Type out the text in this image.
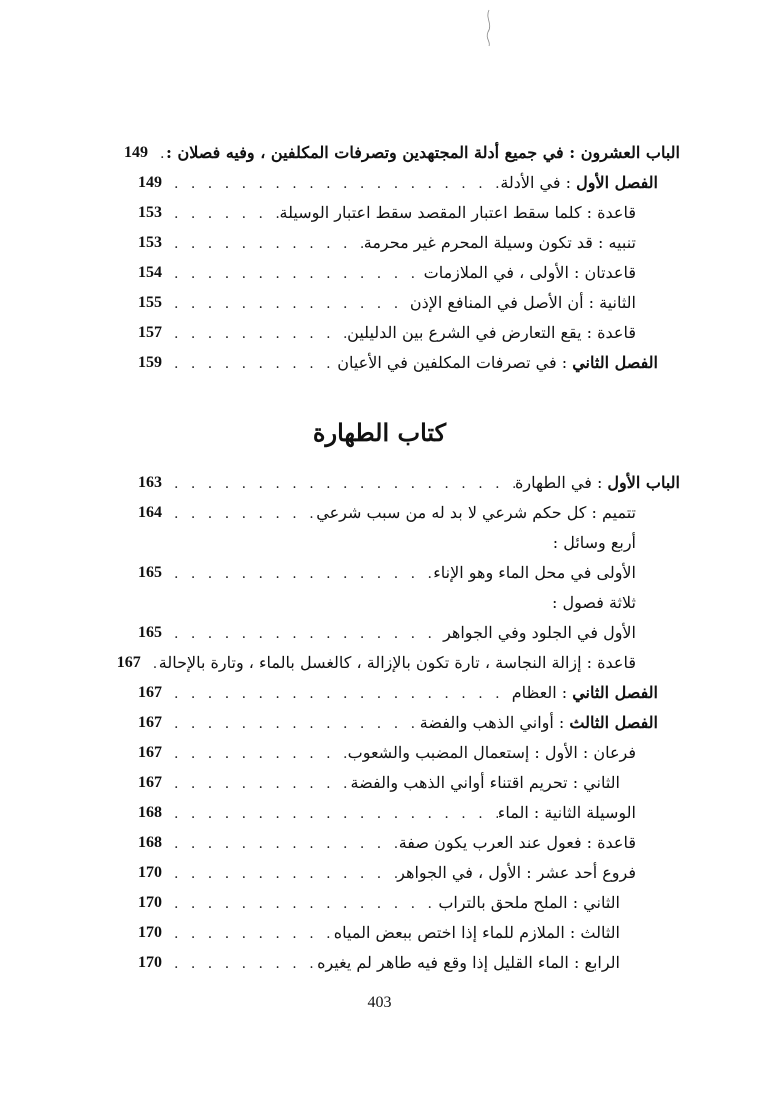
الباب العشرون : في جميع أدلة المجتهدين وتصرفات المكلفين ، وفيه فصلان :
. . .
149
الفصل الأول : في الأدلة
. . .
149
قاعدة : كلما سقط اعتبار المقصد سقط اعتبار الوسيلة
. . .
153
تنبيه : قد تكون وسيلة المحرم غير محرمة
. . .
153
قاعدتان : الأولى ، في الملازمات
. . .
154
الثانية : أن الأصل في المنافع الإذن
. . .
155
قاعدة : يقع التعارض في الشرع بين الدليلين
. . .
157
الفصل الثاني : في تصرفات المكلفين في الأعيان
. . .
159
كتاب الطهارة
الباب الأول : في الطهارة
. . .
163
تتميم : كل حكم شرعي لا بد له من سبب شرعي
. . .
164
أربع وسائل :
الأولى في محل الماء وهو الإناء
. . .
165
ثلاثة فصول :
الأول في الجلود وفي الجواهر
. . .
165
قاعدة : إزالة النجاسة ، تارة تكون بالإزالة ، كالغسل بالماء ، وتارة بالإحالة
. . .
167
الفصل الثاني : العظام
. . .
167
الفصل الثالث : أواني الذهب والفضة
. . .
167
فرعان : الأول : إستعمال المضبب والشعوب
. . .
167
الثاني : تحريم اقتناء أواني الذهب والفضة
. . .
167
الوسيلة الثانية : الماء
. . .
168
قاعدة : فعول عند العرب يكون صفة
. . .
168
فروع أحد عشر : الأول ، في الجواهر
. . .
170
الثاني : الملح ملحق بالتراب
. . .
170
الثالث : الملازم للماء إذا اختص ببعض المياه
. . .
170
الرابع : الماء القليل إذا وقع فيه طاهر لم يغيره
. . .
170
403
